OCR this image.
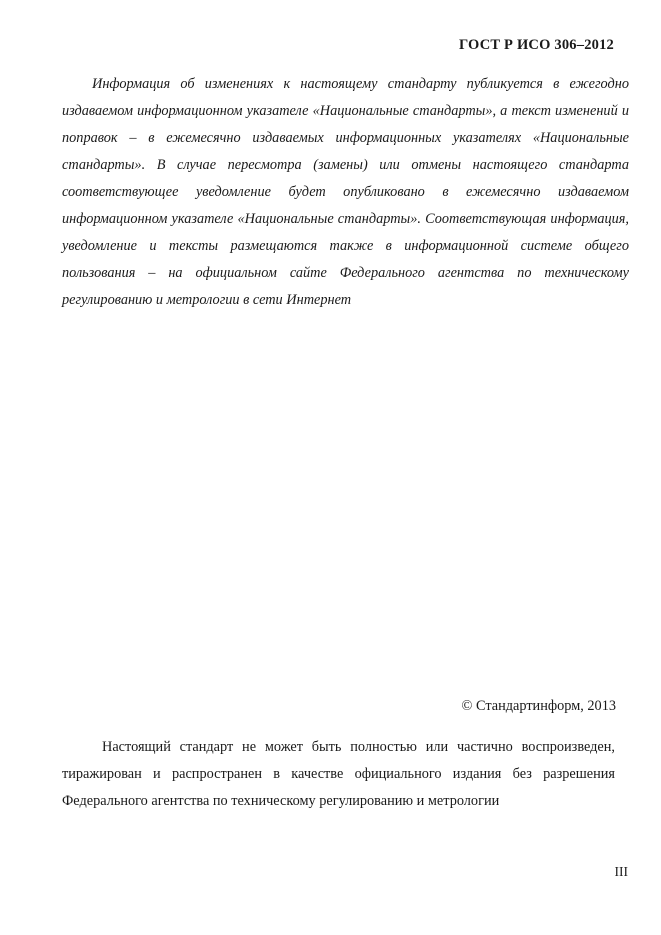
ГОСТ Р ИСО 306–2012

Информация об изменениях к настоящему стандарту публикуется в ежегодно издаваемом информационном указателе «Национальные стандарты», а текст изменений и поправок – в ежемесячно издаваемых информационных указателях «Национальные стандарты». В случае пересмотра (замены) или отмены настоящего стандарта соответствующее уведомление будет опубликовано в ежемесячно издаваемом информационном указателе «Национальные стандарты». Соответствующая информация, уведомление и тексты размещаются также в информационной системе общего пользования – на официальном сайте Федерального агентства по техническому регулированию и метрологии в сети Интернет

© Стандартинформ, 2013

Настоящий стандарт не может быть полностью или частично воспроизведен, тиражирован и распространен в качестве официального издания без разрешения Федерального агентства по техническому регулированию и метрологии

III
